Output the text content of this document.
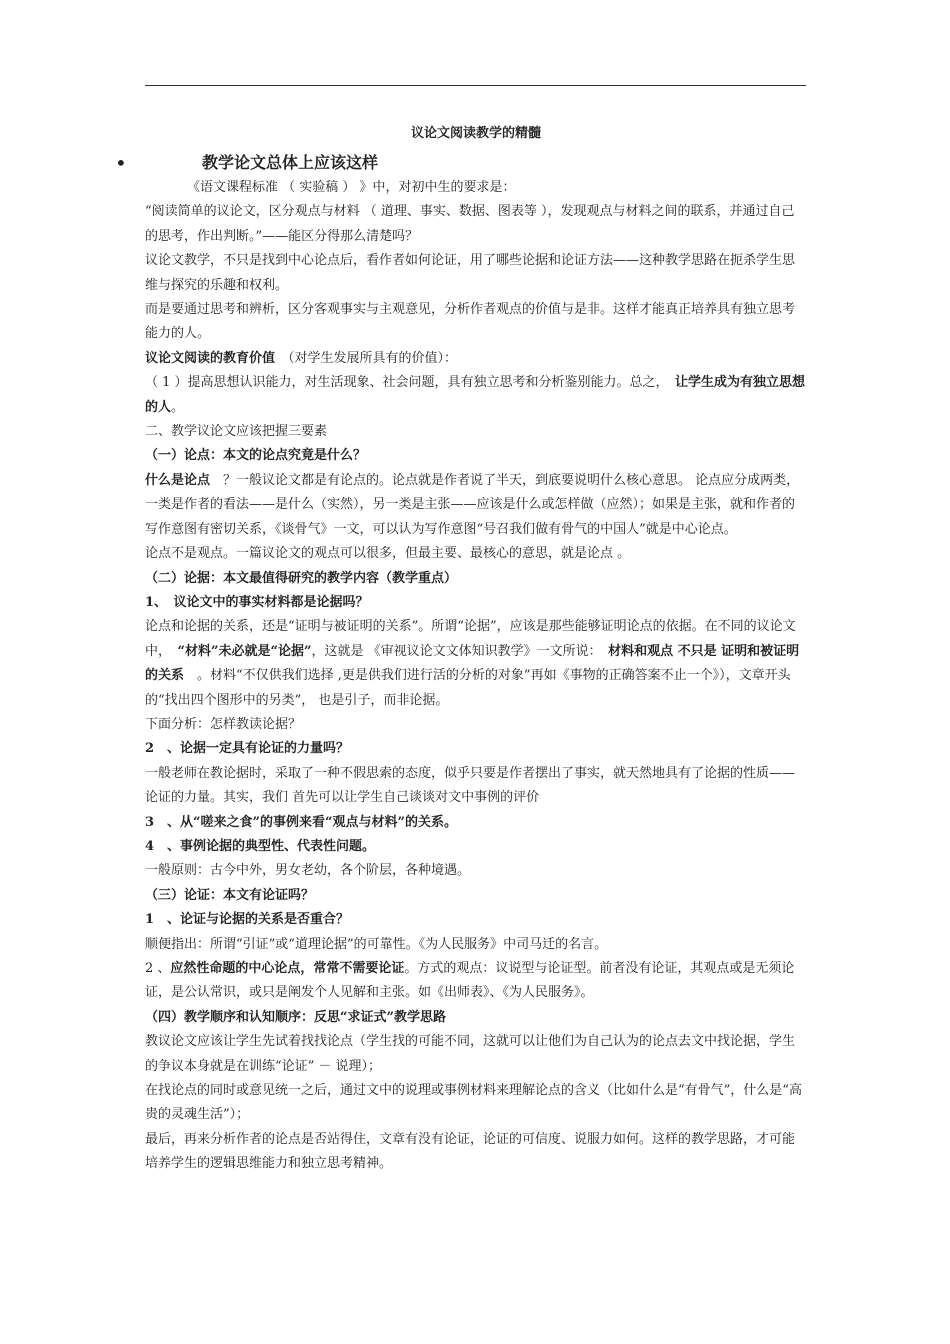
议论文阅读教学的精髓
•	教学论文总体上应该这样

《语文课程标准 （ 实验稿 ） 》中，对初中生的要求是：

“阅读简单的议论文，区分观点与材料 （ 道理、事实、数据、图表等 ），发现观点与材料之间的联系，并通过自己的思考，作出判断。”——能区分得那么清楚吗？

议论文教学，不只是找到中心论点后，看作者如何论证，用了哪些论据和论证方法——这种教学思路在扼杀学生思维与探究的乐趣和权利。

而是要通过思考和辨析，区分客观事实与主观意见，分析作者观点的价值与是非。这样才能真正培养具有独立思考能力的人。

议论文阅读的教育价值　（对学生发展所具有的价值）：

（ 1 ）提高思想认识能力，对生活现象、社会问题，具有独立思考和分析鉴别能力。总之，　让学生成为有独立思想的人。

二、教学议论文应该把握三要素

（一）论点：本文的论点究竟是什么？

什么是论点　？一般议论文都是有论点的。论点就是作者说了半天，到底要说明什么核心意思。 论点应分成两类，一类是作者的看法——是什么（实然），另一类是主张——应该是什么或怎样做（应然）；如果是主张，就和作者的写作意图有密切关系，《谈骨气》一文，可以认为写作意图“号召我们做有骨气的中国人”就是中心论点。

论点不是观点。一篇议论文的观点可以很多，但最主要、最核心的意思，就是论点 。

（二）论据：本文最值得研究的教学内容（教学重点）

1、　议论文中的事实材料都是论据吗？

论点和论据的关系，还是“证明与被证明的关系”。所谓“论据”，应该是那些能够证明论点的依据。在不同的议论文中，　“材料”未必就是“论据”，这就是 《审视议论文文体知识教学》一文所说：　材料和观点 不只是 证明和被证明的关系　。材料“不仅供我们选择 ,更是供我们进行活的分析的对象”再如《事物的正确答案不止一个》），文章开头的“找出四个图形中的另类”， 也是引子，而非论据。

下面分析：怎样教读论据？

2　、论据一定具有论证的力量吗？

一般老师在教论据时，采取了一种不假思索的态度，似乎只要是作者摆出了事实，就天然地具有了论据的性质——论证的力量。其实，我们 首先可以让学生自己谈谈对文中事例的评价

3　、从“嗟来之食”的事例来看“观点与材料”的关系。

4　、事例论据的典型性、代表性问题。

一般原则：古今中外，男女老幼，各个阶层，各种境遇。

（三）论证：本文有论证吗？

1　、论证与论据的关系是否重合？

顺便指出：所谓“引证”或“道理论据”的可靠性。《为人民服务》中司马迁的名言。

2 、应然性命题的中心论点，常常不需要论证。方式的观点：议说型与论证型。前者没有论证，其观点或是无须论证，是公认常识，或只是阐发个人见解和主张。如《出师表》、《为人民服务》。

（四）教学顺序和认知顺序：反思“求证式”教学思路

教议论文应该让学生先试着找找论点（学生找的可能不同，这就可以让他们为自己认为的论点去文中找论据，学生的争议本身就是在训练“论证” － 说理）；

在找论点的同时或意见统一之后，通过文中的说理或事例材料来理解论点的含义（比如什么是“有骨气”，什么是“高贵的灵魂生活”）；

最后，再来分析作者的论点是否站得住，文章有没有论证，论证的可信度、说服力如何。这样的教学思路，才可能培养学生的逻辑思维能力和独立思考精神。
